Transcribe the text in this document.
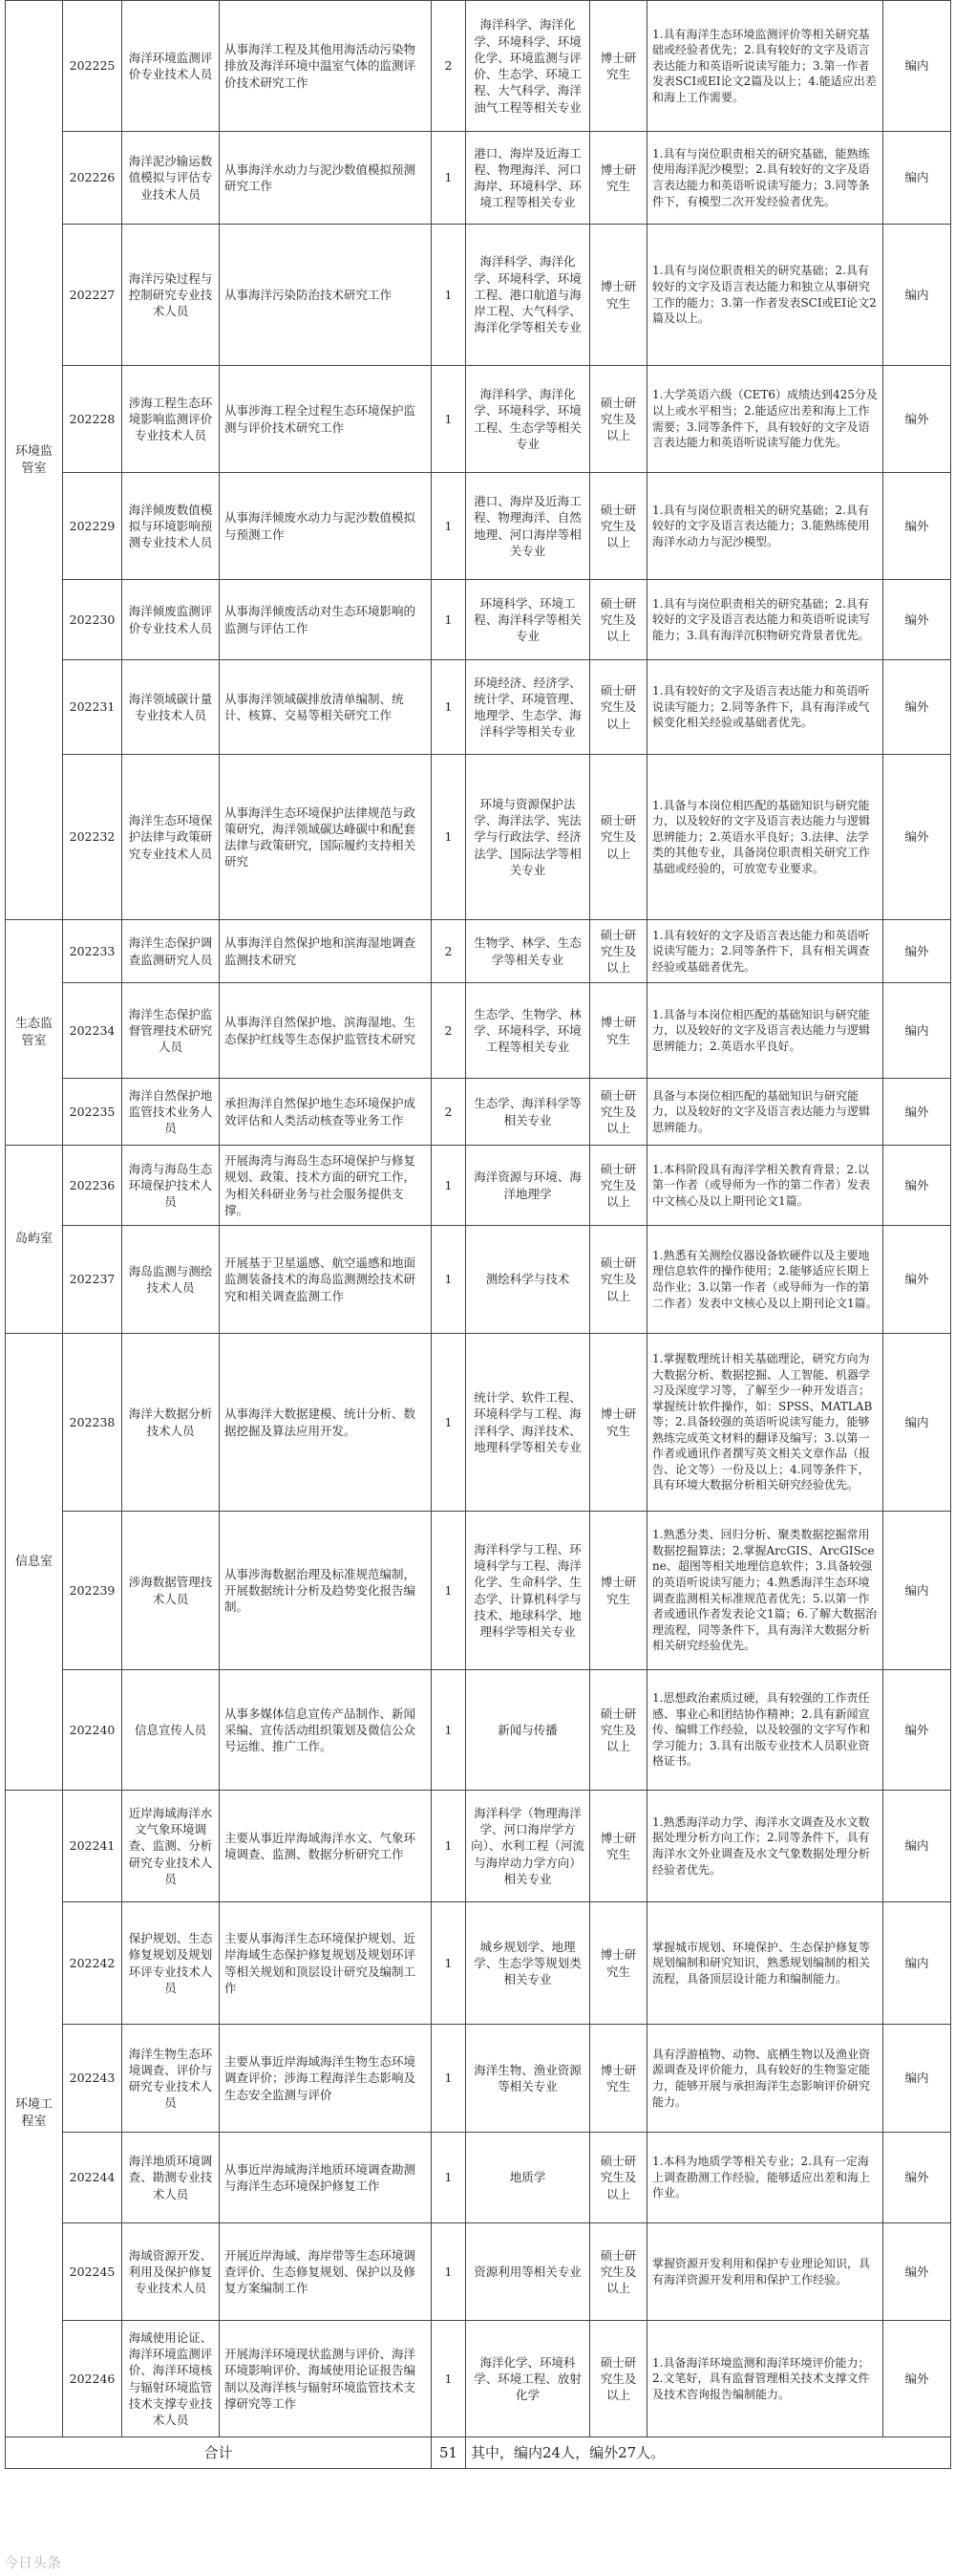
环境监管室	202225	海洋环境监测评价专业技术人员	从事海洋工程及其他用海活动污染物排放及海洋环境中温室气体的监测评价技术研究工作	2	海洋科学、海洋化学、环境科学、环境化学、环境监测与评价、生态学、环境工程、大气科学、海洋油气工程等相关专业	博士研究生	1.具有海洋生态环境监测评价等相关研究基础或经验者优先；2.具有较好的文字及语言表达能力和英语听说读写能力；3.第一作者发表SCI或EI论文2篇及以上；4.能适应出差和海上工作需要。	编内
	202226	海洋泥沙输运数值模拟与评估专业技术人员	从事海洋水动力与泥沙数值模拟预测研究工作	1	港口、海岸及近海工程、物理海洋、河口海岸、环境科学、环境工程等相关专业	博士研究生	1.具有与岗位职责相关的研究基础，能熟练使用海洋泥沙模型；2.具有较好的文字及语言表达能力和英语听说读写能力；3.同等条件下，有模型二次开发经验者优先。	编内
	202227	海洋污染过程与控制研究专业技术人员	从事海洋污染防治技术研究工作	1	海洋科学、海洋化学、环境科学、环境工程、港口航道与海岸工程、大气科学、海洋化学等相关专业	博士研究生	1.具有与岗位职责相关的研究基础；2.具有较好的文字及语言表达能力和独立从事研究工作的能力；3.第一作者发表SCI或EI论文2篇及以上。	编内
	202228	涉海工程生态环境影响监测评价专业技术人员	从事涉海工程全过程生态环境保护监测与评价技术研究工作	1	海洋科学、海洋化学、环境科学、环境工程、生态学等相关专业	硕士研究生及以上	1.大学英语六级（CET6）成绩达到425分及以上或水平相当；2.能适应出差和海上工作需要；3.同等条件下，具有较好的文字及语言表达能力和英语听说读写能力优先。	编外
	202229	海洋倾废数值模拟与环境影响预测专业技术人员	从事海洋倾废水动力与泥沙数值模拟与预测工作	1	港口、海岸及近海工程、物理海洋、自然地理、河口海岸等相关专业	硕士研究生及以上	1.具有与岗位职责相关的研究基础；2.具有较好的文字及语言表达能力；3.能熟练使用海洋水动力与泥沙模型。	编外
	202230	海洋倾废监测评价专业技术人员	从事海洋倾废活动对生态环境影响的监测与评估工作	1	环境科学、环境工程、海洋科学等相关专业	硕士研究生及以上	1.具有与岗位职责相关的研究基础；2.具有较好的文字及语言表达能力和英语听说读写能力；3.具有海洋沉积物研究背景者优先。	编外
	202231	海洋领域碳计量专业技术人员	从事海洋领域碳排放清单编制、统计、核算、交易等相关研究工作	1	环境经济、经济学、统计学、环境管理、地理学、生态学、海洋科学等相关专业	硕士研究生及以上	1.具有较好的文字及语言表达能力和英语听说读写能力；2.同等条件下，具有海洋或气候变化相关经验或基础者优先。	编外
	202232	海洋生态环境保护法律与政策研究专业技术人员	从事海洋生态环境保护法律规范与政策研究，海洋领域碳达峰碳中和配套法律与政策研究，国际履约支持相关研究	1	环境与资源保护法学、海洋法学、宪法学与行政法学、经济法学、国际法学等相关专业	硕士研究生及以上	1.具备与本岗位相匹配的基础知识与研究能力，以及较好的文字及语言表达能力与逻辑思辨能力；2.英语水平良好；3.法律、法学类的其他专业，具备岗位职责相关研究工作基础或经验的，可放宽专业要求。	编外
生态监管室	202233	海洋生态保护调查监测研究人员	从事海洋自然保护地和滨海湿地调查监测技术研究	2	生物学、林学、生态学等相关专业	硕士研究生及以上	1.具有较好的文字及语言表达能力和英语听说读写能力；2.同等条件下，具有相关调查经验或基础者优先。	编外
	202234	海洋生态保护监督管理技术研究人员	从事海洋自然保护地、滨海湿地、生态保护红线等生态保护监管技术研究	2	生态学、生物学、林学、环境科学、环境工程等相关专业	博士研究生	1.具备与本岗位相匹配的基础知识与研究能力，以及较好的文字及语言表达能力与逻辑思辨能力；2.英语水平良好。	编内
	202235	海洋自然保护地监管技术业务人员	承担海洋自然保护地生态环境保护成效评估和人类活动核查等业务工作	2	生态学、海洋科学等相关专业	硕士研究生及以上	具备与本岗位相匹配的基础知识与研究能力，以及较好的文字及语言表达能力与逻辑思辨能力。	编外
岛屿室	202236	海湾与海岛生态环境保护技术人员	开展海湾与海岛生态环境保护与修复规划、政策、技术方面的研究工作，为相关科研业务与社会服务提供支撑。	1	海洋资源与环境、海洋地理学	硕士研究生及以上	1.本科阶段具有海洋学相关教育背景；2.以第一作者（或导师为一作的第二作者）发表中文核心及以上期刊论文1篇。	编外
	202237	海岛监测与测绘技术人员	开展基于卫星遥感、航空遥感和地面监测装备技术的海岛监测测绘技术研究和相关调查监测工作	1	测绘科学与技术	硕士研究生及以上	1.熟悉有关测绘仪器设备软硬件以及主要地理信息软件的操作使用；2.能够适应长期上岛作业；3.以第一作者（或导师为一作的第二作者）发表中文核心及以上期刊论文1篇。	编外
信息室	202238	海洋大数据分析技术人员	从事海洋大数据建模、统计分析、数据挖掘及算法应用开发。	1	统计学、软件工程、环境科学与工程、海洋科学、海洋技术、地理科学等相关专业	博士研究生	1.掌握数理统计相关基础理论，研究方向为大数据分析、数据挖掘、人工智能、机器学习及深度学习等，了解至少一种开发语言；掌握统计软件操作，如：SPSS、MATLAB等；2.具备较强的英语听说读写能力，能够熟练完成英文材料的翻译及编写；3.以第一作者或通讯作者撰写英文相关文章作品（报告、论文等）一份及以上；4.同等条件下，具有环境大数据分析相关研究经验优先。	编内
	202239	涉海数据管理技术人员	从事涉海数据治理及标准规范编制，开展数据统计分析及趋势变化报告编制。	1	海洋科学与工程、环境科学与工程、海洋化学、生命科学、生态学、计算机科学与技术、地球科学、地理科学等相关专业	博士研究生	1.熟悉分类、回归分析、聚类数据挖掘常用数据挖掘算法；2.掌握ArcGIS、ArcGIScene、超图等相关地理信息软件；3.具备较强的英语听说读写能力；4.熟悉海洋生态环境调查监测相关标准规范者优先；5.以第一作者或通讯作者发表论文1篇；6.了解大数据治理流程，同等条件下，具有海洋大数据分析相关研究经验优先。	编内
	202240	信息宣传人员	从事多媒体信息宣传产品制作、新闻采编、宣传活动组织策划及微信公众号运维、推广工作。	1	新闻与传播	硕士研究生及以上	1.思想政治素质过硬，具有较强的工作责任感、事业心和团结协作精神；2.具有新闻宣传、编辑工作经验，以及较强的文字写作和学习能力；3.具有出版专业技术人员职业资格证书。	编外
环境工程室	202241	近岸海域海洋水文气象环境调查、监测、分析研究专业技术人员	主要从事近岸海域海洋水文、气象环境调查、监测、数据分析研究工作	1	海洋科学（物理海洋学、河口海岸学方向）、水利工程（河流与海岸动力学方向）相关专业	博士研究生	1.熟悉海洋动力学、海洋水文调查及水文数据处理分析方向工作；2.同等条件下，具有海洋水文外业调查及水文气象数据处理分析经验者优先。	编内
	202242	保护规划、生态修复规划及规划环评专业技术人员	主要从事海洋生态环境保护规划、近岸海域生态保护修复规划及规划环评等相关规划和顶层设计研究及编制工作	1	城乡规划学、地理学、生态学等规划类相关专业	博士研究生	掌握城市规划、环境保护、生态保护修复等规划编制和研究知识，熟悉规划编制的相关流程，具备顶层设计能力和编制能力。	编内
	202243	海洋生物生态环境调查、评价与研究专业技术人员	主要从事近岸海域海洋生物生态环境调查评价；涉海工程海洋生态影响及生态安全监测与评价	1	海洋生物、渔业资源等相关专业	博士研究生	具有浮游植物、动物、底栖生物以及渔业资源调查及评价能力，具有较好的生物鉴定能力，能够开展与承担海洋生态影响评价研究能力。	编内
	202244	海洋地质环境调查、勘测专业技术人员	从事近岸海域海洋地质环境调查勘测与海洋生态环境保护修复工作	1	地质学	硕士研究生及以上	1.本科为地质学等相关专业；2.具有一定海上调查勘测工作经验，能够适应出差和海上作业。	编外
	202245	海域资源开发、利用及保护修复专业技术人员	开展近岸海域、海岸带等生态环境调查评价、生态修复规划、保护以及修复方案编制工作	1	资源利用等相关专业	硕士研究生及以上	掌握资源开发利用和保护专业理论知识，具有海洋资源开发利用和保护工作经验。	编外
	202246	海域使用论证、海洋环境监测评价、海洋环境核与辐射环境监管技术支撑专业技术人员	开展海洋环境现状监测与评价、海洋环境影响评价、海域使用论证报告编制以及海洋核与辐射环境监管技术支撑研究等工作	1	海洋化学、环境科学、环境工程、放射化学	硕士研究生及以上	1.具备海洋环境监测和海洋环境评价能力；2.文笔好，具有监督管理相关技术支撑文件及技术咨询报告编制能力。	编外
合计				51	其中，编内24人，编外27人。			
今日头条
